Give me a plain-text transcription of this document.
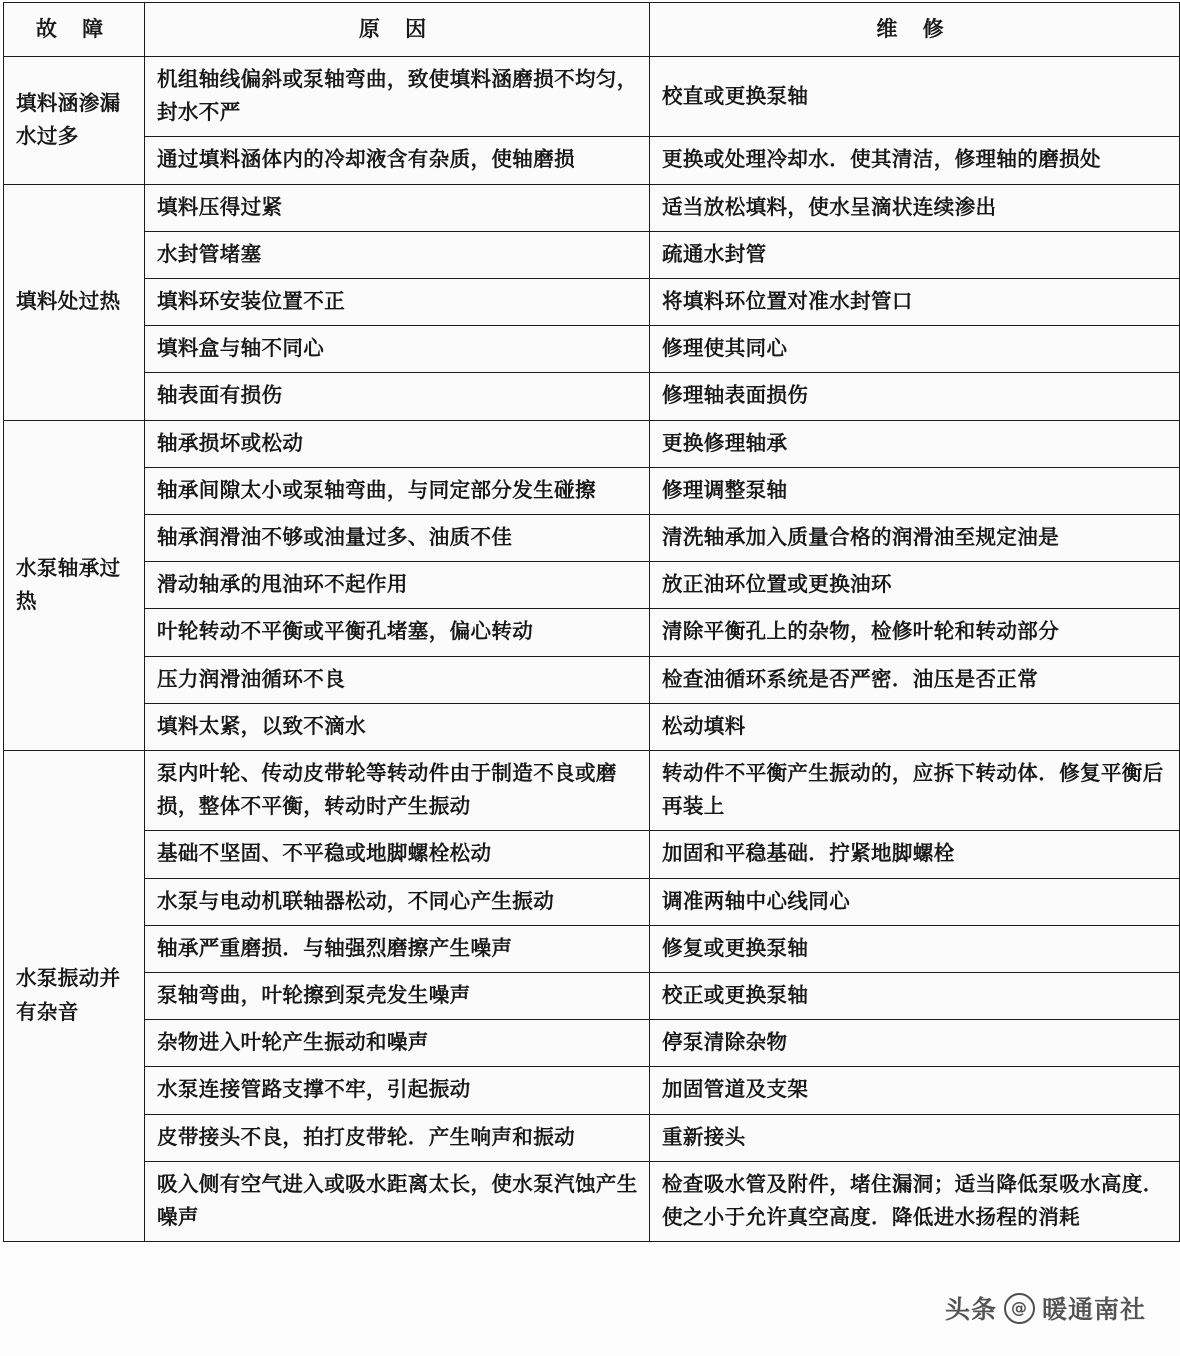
故 障	原 因	维 修
填料涵渗漏水过多	机组轴线偏斜或泵轴弯曲，致使填料涵磨损不均匀，封水不严	校直或更换泵轴
	通过填料涵体内的冷却液含有杂质，使轴磨损	更换或处理冷却水．使其清洁，修理轴的磨损处
填料处过热	填料压得过紧	适当放松填料，使水呈滴状连续渗出
	水封管堵塞	疏通水封管
	填料环安装位置不正	将填料环位置对准水封管口
	填料盒与轴不同心	修理使其同心
	轴表面有损伤	修理轴表面损伤
水泵轴承过热	轴承损坏或松动	更换修理轴承
	轴承间隙太小或泵轴弯曲，与同定部分发生碰擦	修理调整泵轴
	轴承润滑油不够或油量过多、油质不佳	清洗轴承加入质量合格的润滑油至规定油是
	滑动轴承的甩油环不起作用	放正油环位置或更换油环
	叶轮转动不平衡或平衡孔堵塞，偏心转动	清除平衡孔上的杂物，检修叶轮和转动部分
	压力润滑油循环不良	检查油循环系统是否严密．油压是否正常
	填料太紧，以致不滴水	松动填料
水泵振动并有杂音	泵内叶轮、传动皮带轮等转动件由于制造不良或磨损，整体不平衡，转动时产生振动	转动件不平衡产生振动的，应拆下转动体．修复平衡后再装上
	基础不坚固、不平稳或地脚螺栓松动	加固和平稳基础．拧紧地脚螺栓
	水泵与电动机联轴器松动，不同心产生振动	调准两轴中心线同心
	轴承严重磨损．与轴强烈磨擦产生噪声	修复或更换泵轴
	泵轴弯曲，叶轮擦到泵壳发生噪声	校正或更换泵轴
	杂物进入叶轮产生振动和噪声	停泵清除杂物
	水泵连接管路支撑不牢，引起振动	加固管道及支架
	皮带接头不良，拍打皮带轮．产生响声和振动	重新接头
	吸入侧有空气进入或吸水距离太长，使水泵汽蚀产生噪声	检查吸水管及附件，堵住漏洞；适当降低泵吸水高度．使之小于允许真空高度．降低进水扬程的消耗
头条 @ 暖通南社
